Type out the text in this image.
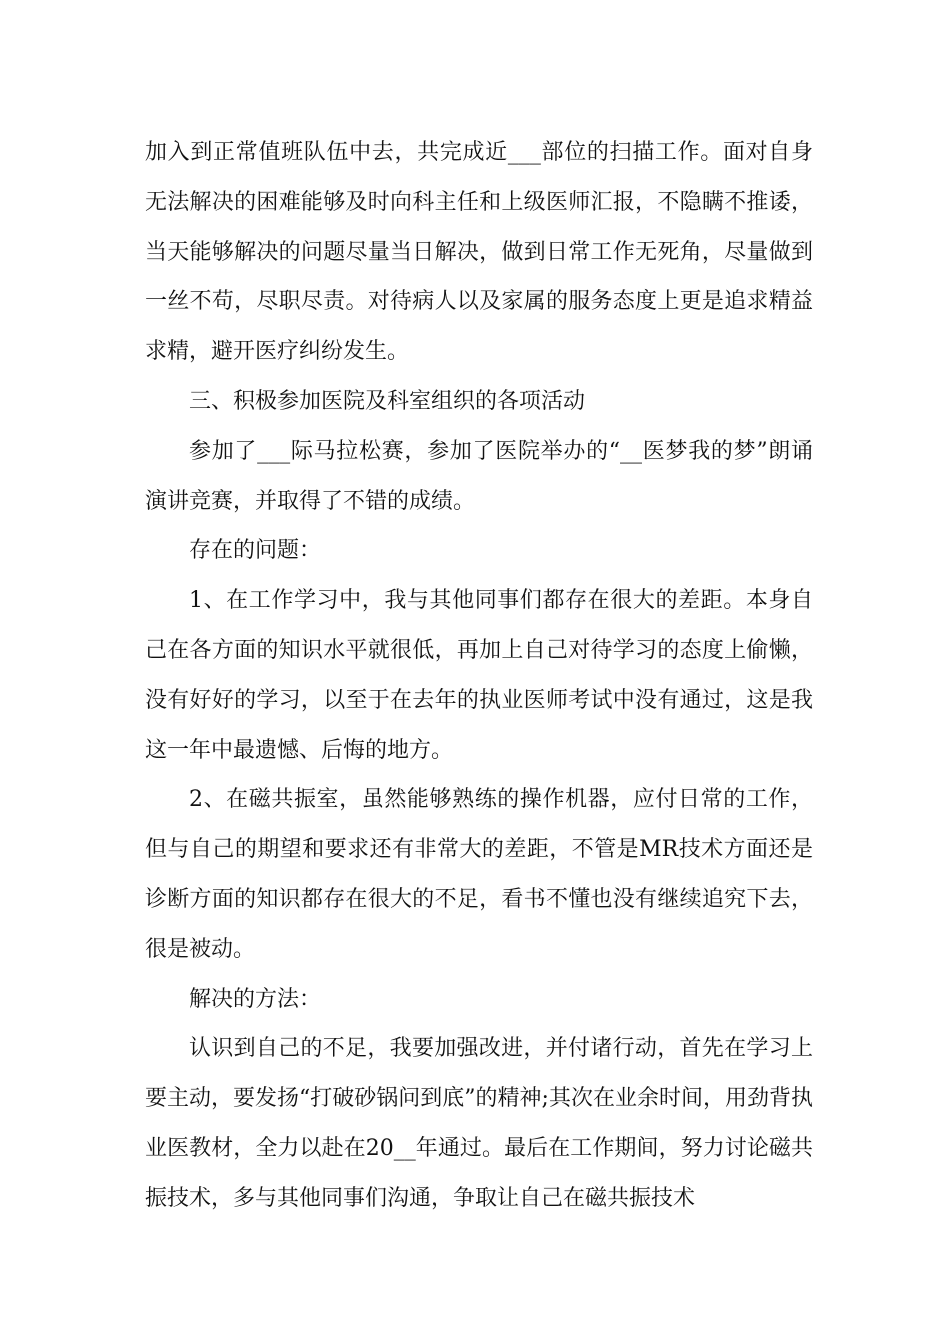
加入到正常值班队伍中去，共完成近___部位的扫描工作。面对自身无法解决的困难能够及时向科主任和上级医师汇报，不隐瞒不推诿，当天能够解决的问题尽量当日解决，做到日常工作无死角，尽量做到一丝不苟，尽职尽责。对待病人以及家属的服务态度上更是追求精益求精，避开医疗纠纷发生。

三、积极参加医院及科室组织的各项活动

参加了___际马拉松赛，参加了医院举办的“__医梦我的梦”朗诵演讲竞赛，并取得了不错的成绩。

存在的问题：

1、在工作学习中，我与其他同事们都存在很大的差距。本身自己在各方面的知识水平就很低，再加上自己对待学习的态度上偷懒，没有好好的学习，以至于在去年的执业医师考试中没有通过，这是我这一年中最遗憾、后悔的地方。

2、在磁共振室，虽然能够熟练的操作机器，应付日常的工作，但与自己的期望和要求还有非常大的差距，不管是MR技术方面还是诊断方面的知识都存在很大的不足，看书不懂也没有继续追究下去，很是被动。

解决的方法：

认识到自己的不足，我要加强改进，并付诸行动，首先在学习上要主动，要发扬“打破砂锅问到底”的精神;其次在业余时间，用劲背执业医教材，全力以赴在20__年通过。最后在工作期间，努力讨论磁共振技术，多与其他同事们沟通，争取让自己在磁共振技术
